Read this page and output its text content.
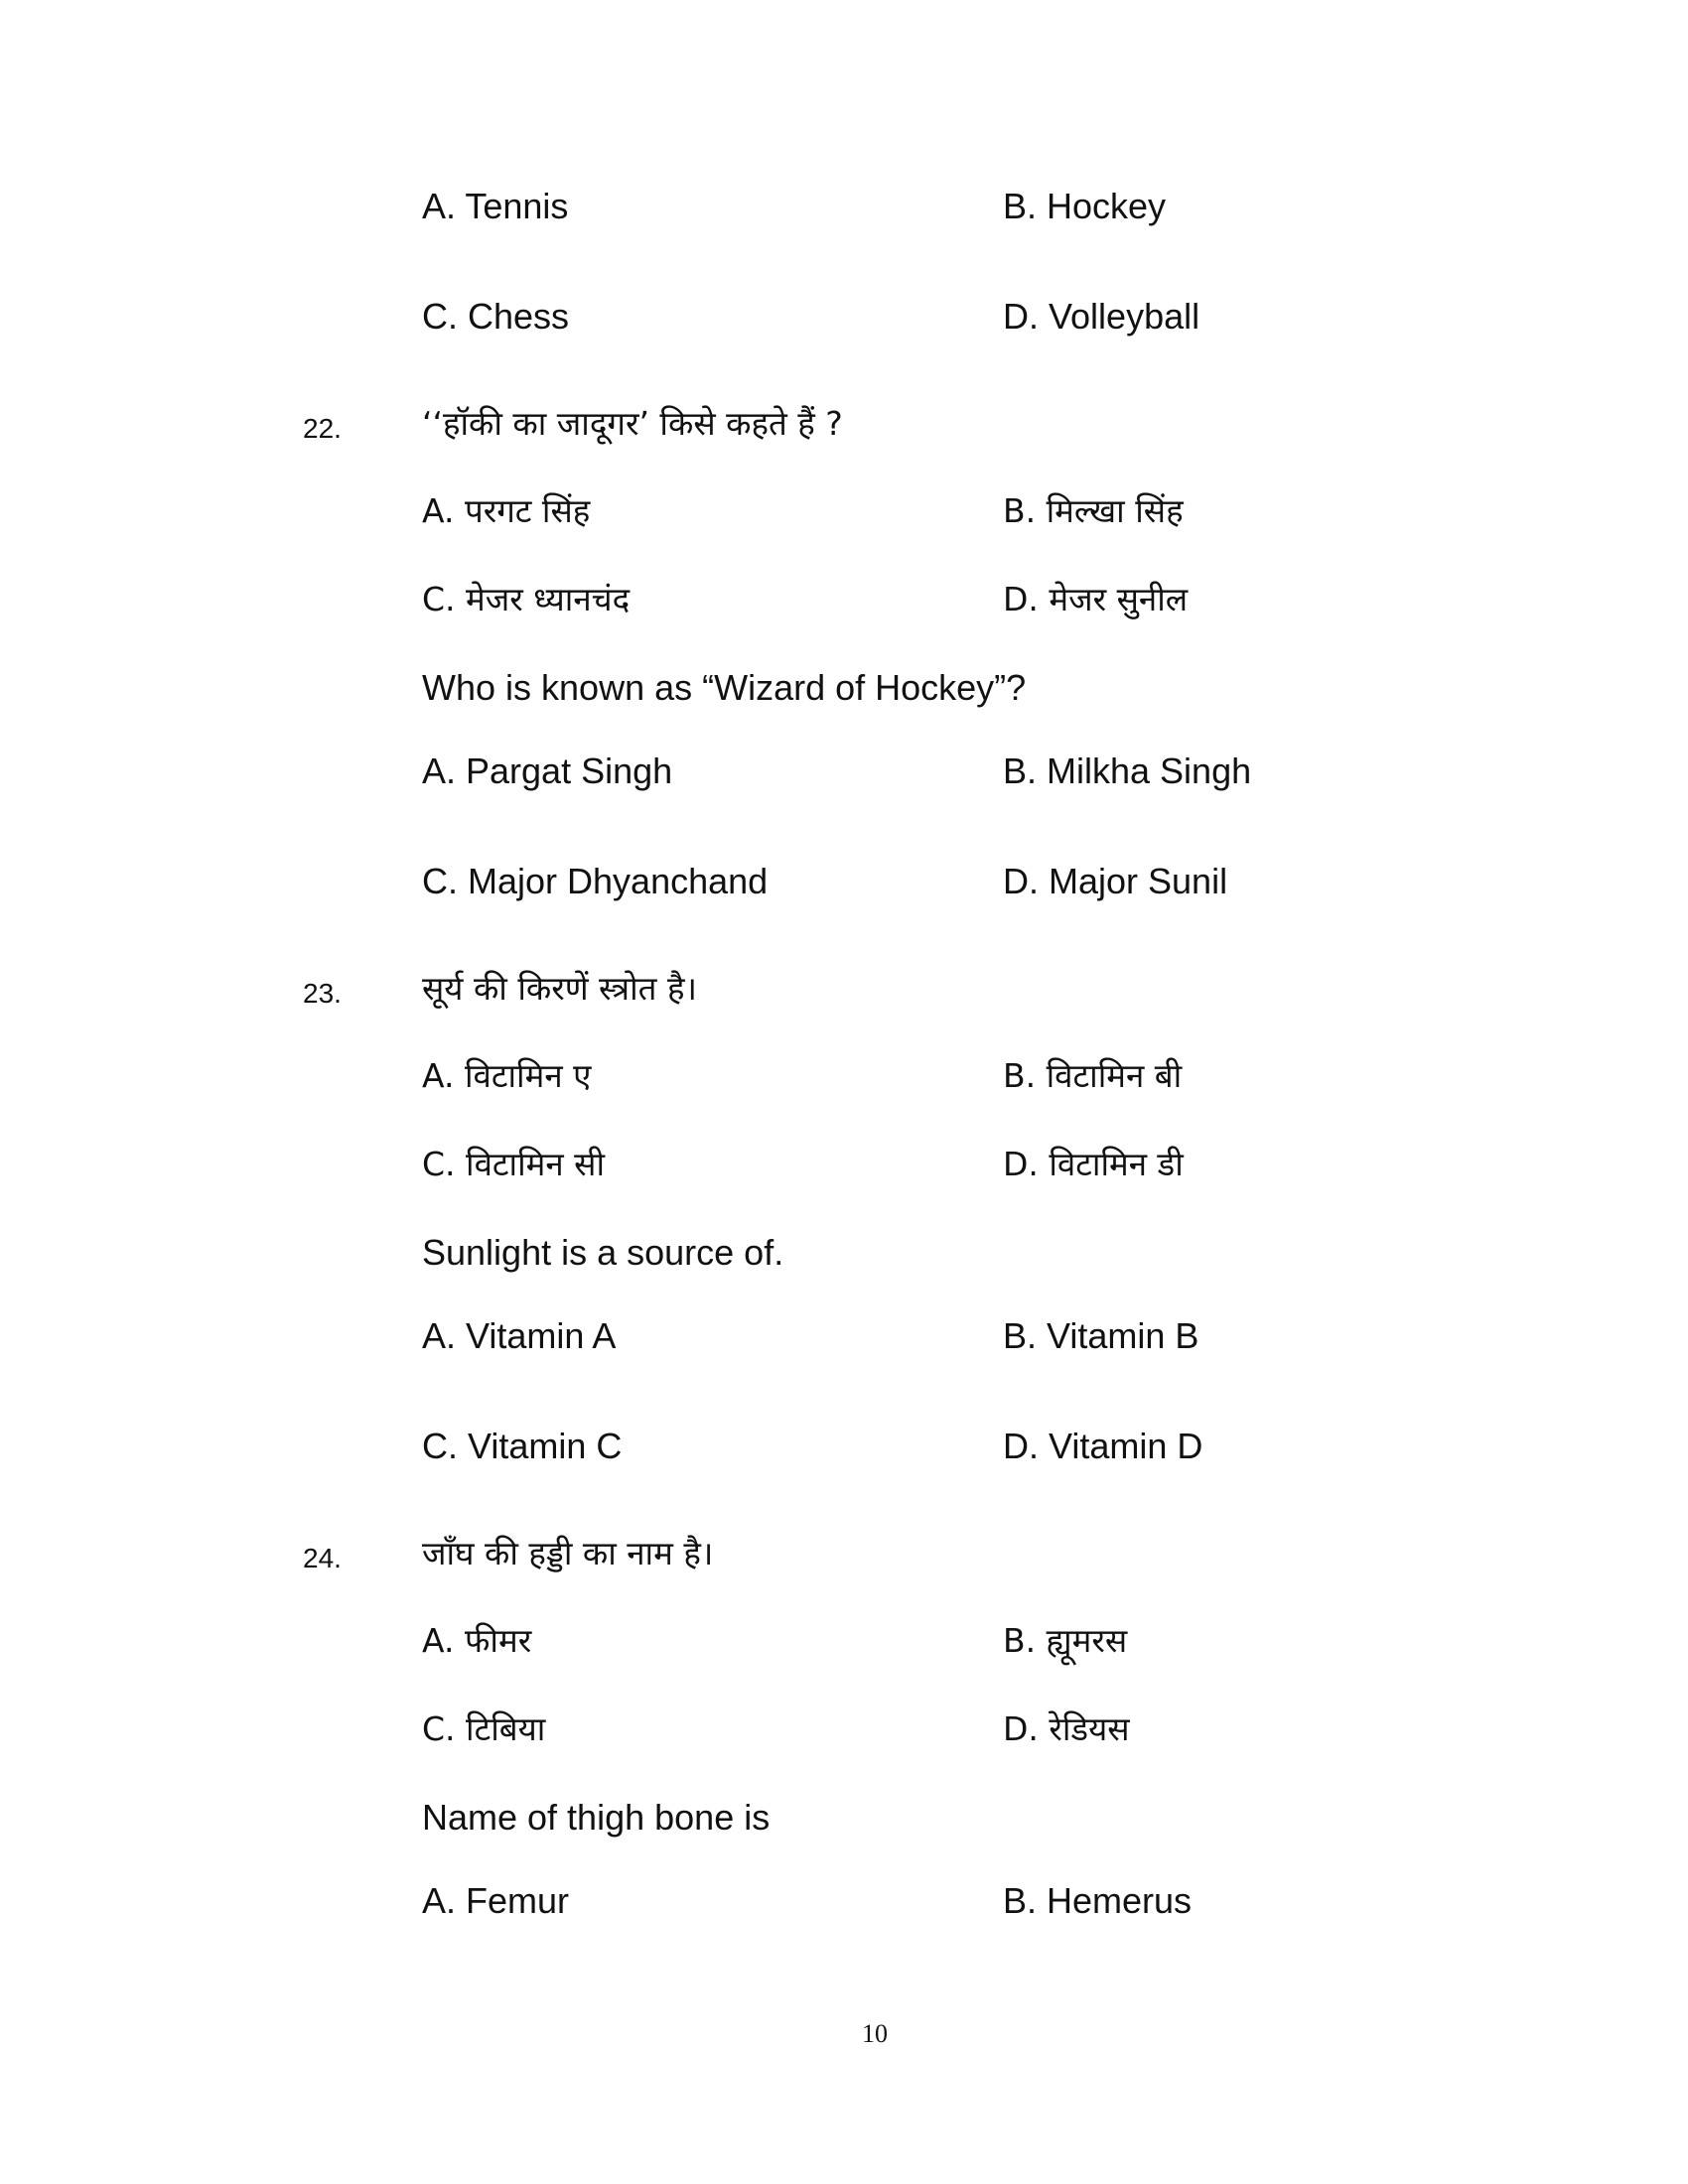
A. Tennis	B. Hockey
C. Chess	D. Volleyball
22. ‘‘हॉकी का जादूगर’ किसे कहते हैं ?
A. परगट सिंह	B. मिल्खा सिंह
C. मेजर ध्यानचंद	D. मेजर सुनील
Who is known as “Wizard of Hockey”?
A. Pargat Singh	B. Milkha Singh
C. Major Dhyanchand	D. Major Sunil
23. सूर्य की किरणें स्त्रोत है।
A. विटामिन ए	B. विटामिन बी
C. विटामिन सी	D. विटामिन डी
Sunlight is a source of.
A. Vitamin A	B. Vitamin B
C. Vitamin C	D. Vitamin D
24. जाँघ की हड्डी का नाम है।
A. फीमर	B. ह्यूमरस
C. टिबिया	D. रेडियस
Name of thigh bone is
A. Femur	B. Hemerus
10
